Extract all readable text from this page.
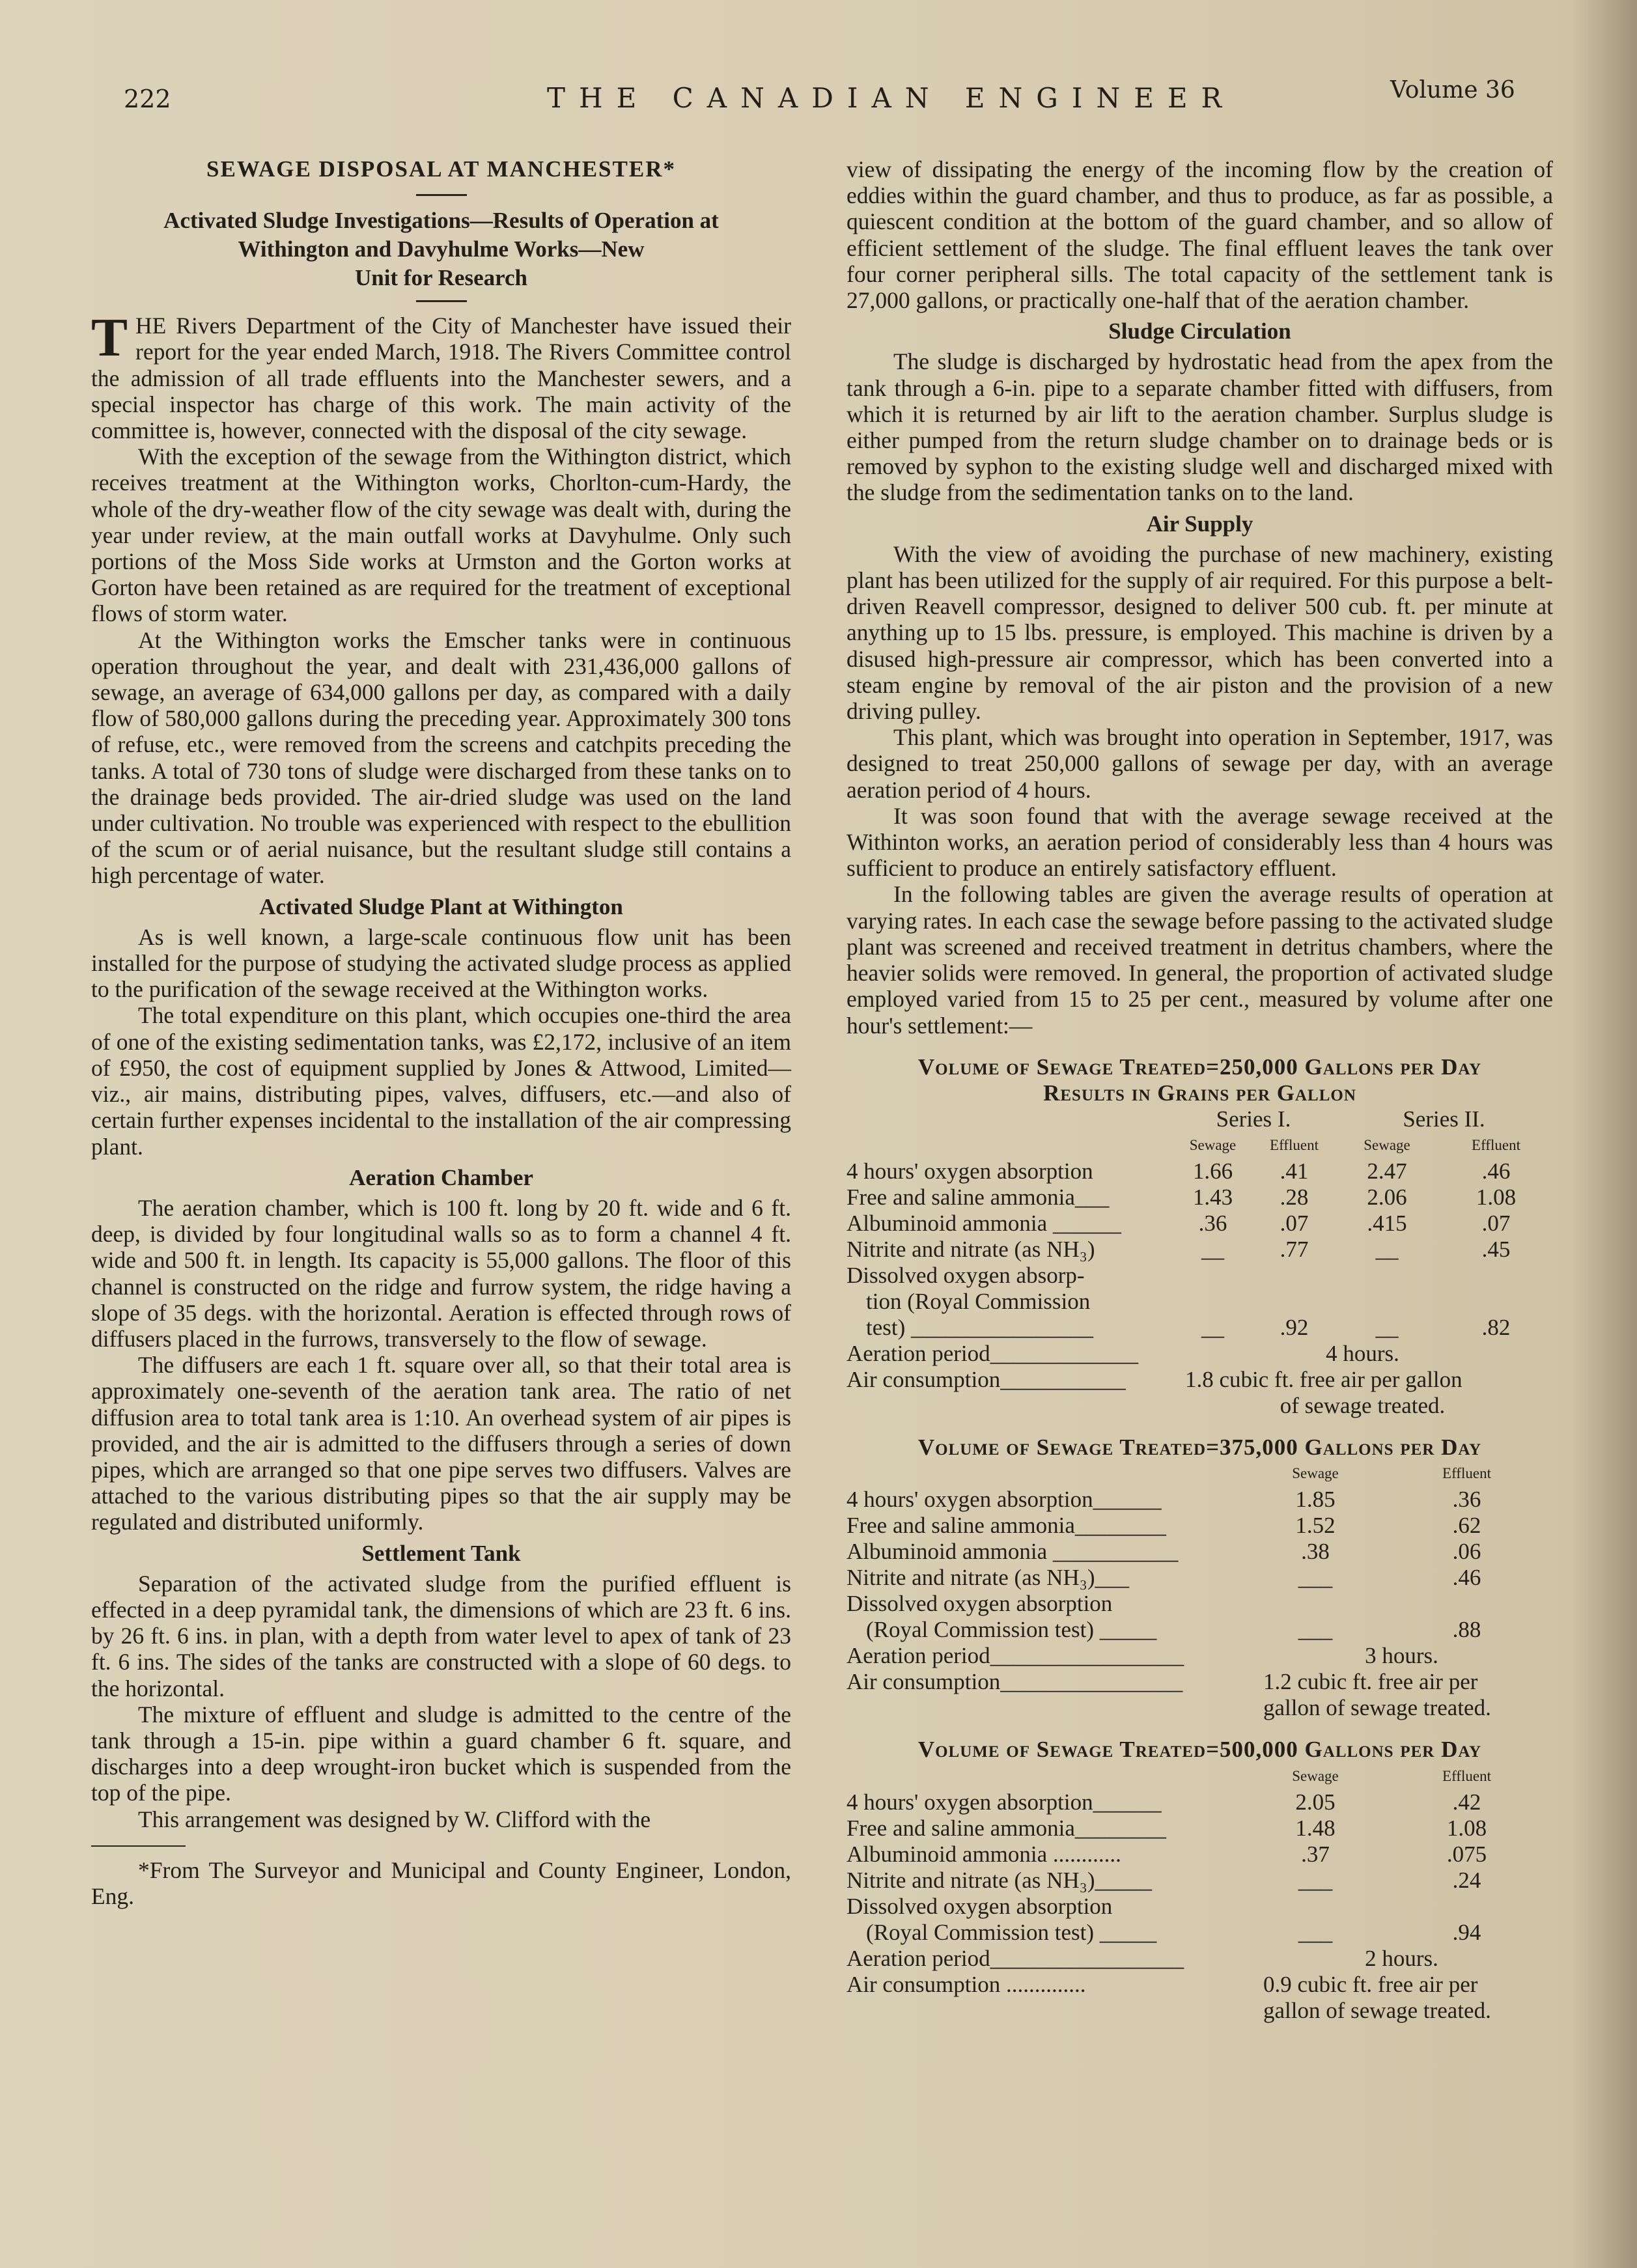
222	THE CANADIAN ENGINEER	Volume 36
SEWAGE DISPOSAL AT MANCHESTER*
Activated Sludge Investigations—Results of Operation at
Withington and Davyhulme Works—New
Unit for Research

THE Rivers Department of the City of Manchester have issued their report for the year ended March, 1918. The Rivers Committee control the admission of all trade effluents into the Manchester sewers, and a special inspector has charge of this work. The main activity of the committee is, however, connected with the disposal of the city sewage.

With the exception of the sewage from the Withington district, which receives treatment at the Withington works, Chorlton-cum-Hardy, the whole of the dry-weather flow of the city sewage was dealt with, during the year under review, at the main outfall works at Davyhulme. Only such portions of the Moss Side works at Urmston and the Gorton works at Gorton have been retained as are required for the treatment of exceptional flows of storm water.

At the Withington works the Emscher tanks were in continuous operation throughout the year, and dealt with 231,436,000 gallons of sewage, an average of 634,000 gallons per day, as compared with a daily flow of 580,000 gallons during the preceding year. Approximately 300 tons of refuse, etc., were removed from the screens and catchpits preceding the tanks. A total of 730 tons of sludge were discharged from these tanks on to the drainage beds provided. The air-dried sludge was used on the land under cultivation. No trouble was experienced with respect to the ebullition of the scum or of aerial nuisance, but the resultant sludge still contains a high percentage of water.

Activated Sludge Plant at Withington

As is well known, a large-scale continuous flow unit has been installed for the purpose of studying the activated sludge process as applied to the purification of the sewage received at the Withington works.

The total expenditure on this plant, which occupies one-third the area of one of the existing sedimentation tanks, was £2,172, inclusive of an item of £950, the cost of equipment supplied by Jones & Attwood, Limited—viz., air mains, distributing pipes, valves, diffusers, etc.—and also of certain further expenses incidental to the installation of the air compressing plant.

Aeration Chamber

The aeration chamber, which is 100 ft. long by 20 ft. wide and 6 ft. deep, is divided by four longitudinal walls so as to form a channel 4 ft. wide and 500 ft. in length. Its capacity is 55,000 gallons. The floor of this channel is constructed on the ridge and furrow system, the ridge having a slope of 35 degs. with the horizontal. Aeration is effected through rows of diffusers placed in the furrows, transversely to the flow of sewage.

The diffusers are each 1 ft. square over all, so that their total area is approximately one-seventh of the aeration tank area. The ratio of net diffusion area to total tank area is 1:10. An overhead system of air pipes is provided, and the air is admitted to the diffusers through a series of down pipes, which are arranged so that one pipe serves two diffusers. Valves are attached to the various distributing pipes so that the air supply may be regulated and distributed uniformly.

Settlement Tank

Separation of the activated sludge from the purified effluent is effected in a deep pyramidal tank, the dimensions of which are 23 ft. 6 ins. by 26 ft. 6 ins. in plan, with a depth from water level to apex of tank of 23 ft. 6 ins. The sides of the tanks are constructed with a slope of 60 degs. to the horizontal.

The mixture of effluent and sludge is admitted to the centre of the tank through a 15-in. pipe within a guard chamber 6 ft. square, and discharges into a deep wrought-iron bucket which is suspended from the top of the pipe.

This arrangement was designed by W. Clifford with the

*From The Surveyor and Municipal and County Engineer, London, Eng.

view of dissipating the energy of the incoming flow by the creation of eddies within the guard chamber, and thus to produce, as far as possible, a quiescent condition at the bottom of the guard chamber, and so allow of efficient settlement of the sludge. The final effluent leaves the tank over four corner peripheral sills. The total capacity of the settlement tank is 27,000 gallons, or practically one-half that of the aeration chamber.

Sludge Circulation

The sludge is discharged by hydrostatic head from the apex from the tank through a 6-in. pipe to a separate chamber fitted with diffusers, from which it is returned by air lift to the aeration chamber. Surplus sludge is either pumped from the return sludge chamber on to drainage beds or is removed by syphon to the existing sludge well and discharged mixed with the sludge from the sedimentation tanks on to the land.

Air Supply

With the view of avoiding the purchase of new machinery, existing plant has been utilized for the supply of air required. For this purpose a belt-driven Reavell compressor, designed to deliver 500 cub. ft. per minute at anything up to 15 lbs. pressure, is employed. This machine is driven by a disused high-pressure air compressor, which has been converted into a steam engine by removal of the air piston and the provision of a new driving pulley.

This plant, which was brought into operation in September, 1917, was designed to treat 250,000 gallons of sewage per day, with an average aeration period of 4 hours.

It was soon found that with the average sewage received at the Withinton works, an aeration period of considerably less than 4 hours was sufficient to produce an entirely satisfactory effluent.

In the following tables are given the average results of operation at varying rates. In each case the sewage before passing to the activated sludge plant was screened and received treatment in detritus chambers, where the heavier solids were removed. In general, the proportion of activated sludge employed varied from 15 to 25 per cent., measured by volume after one hour's settlement:—

Volume of Sewage Treated=250,000 Gallons per Day
Results in Grains per Gallon
	Series I.		Series II.	
	Sewage	Effluent	Sewage	Effluent
4 hours' oxygen absorption	1.66	.41	2.47	.46
Free and saline ammonia___	1.43	.28	2.06	1.08
Albuminoid ammonia ______	.36	.07	.415	.07
Nitrite and nitrate (as NH₃)	__	.77	__	.45
Dissolved oxygen absorp-				
tion (Royal Commission				
test) ________________	__	.92	__	.82
Aeration period_____________	4 hours.			
Air consumption___________	1.8 cubic ft. free air per gallon			
	of sewage treated.			
Volume of Sewage Treated=375,000 Gallons per Day
	Sewage	Effluent
4 hours' oxygen absorption______	1.85	.36
Free and saline ammonia________	1.52	.62
Albuminoid ammonia ___________	.38	.06
Nitrite and nitrate (as NH₃)___	___	.46
Dissolved oxygen absorption		
(Royal Commission test) _____	___	.88
Aeration period_________________	3 hours.	
Air consumption________________	1.2 cubic ft. free air per	
	gallon of sewage treated.	
Volume of Sewage Treated=500,000 Gallons per Day
	Sewage	Effluent
4 hours' oxygen absorption______	2.05	.42
Free and saline ammonia________	1.48	1.08
Albuminoid ammonia ............	.37	.075
Nitrite and nitrate (as NH₃)_____	___	.24
Dissolved oxygen absorption		
(Royal Commission test) _____	___	.94
Aeration period_________________	2 hours.	
Air consumption ..............	0.9 cubic ft. free air per	
	gallon of sewage treated.	
